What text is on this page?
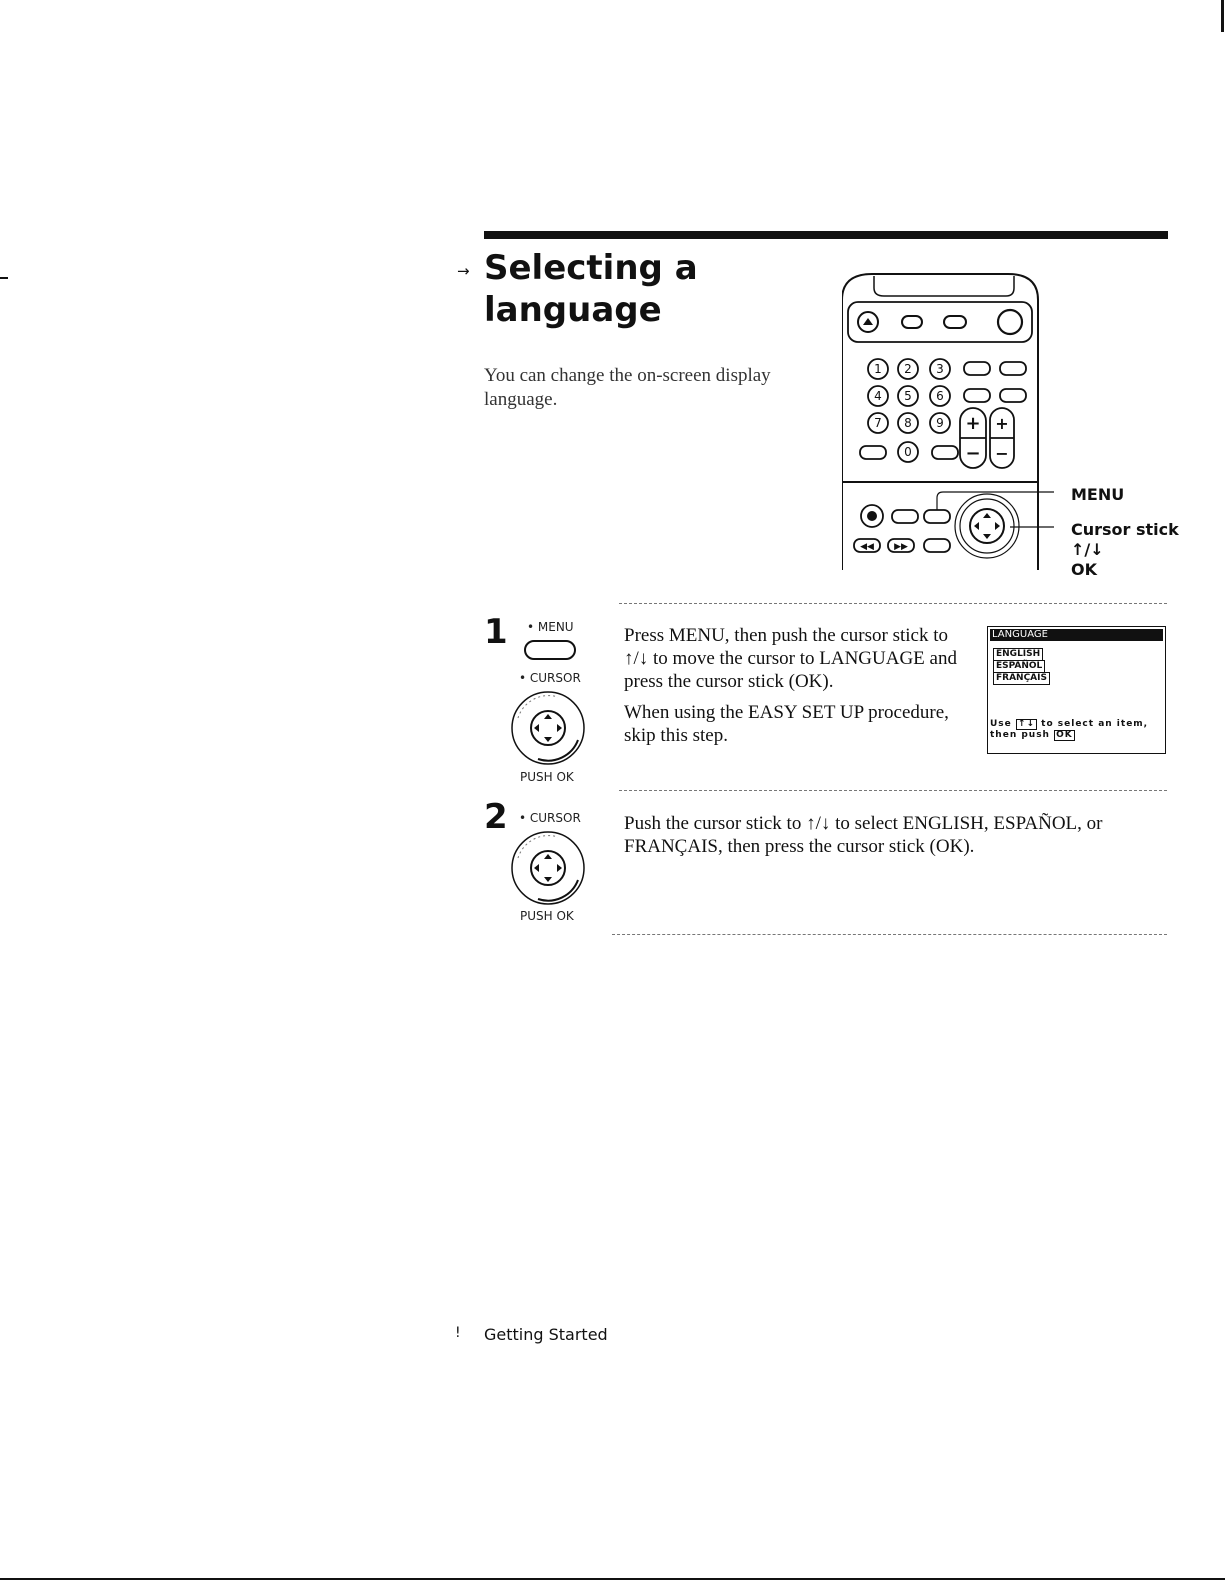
→ Selecting a
language
You can change the on-screen display language.
1 2 3
4 5 6
7 8 9
0
+
−
+
−
◀◀ ▶▶
MENU
Cursor stick
↑/↓
OK
1 • MENU
• CURSOR
PUSH OK

Press MENU, then push the cursor stick to ↑/↓ to move the cursor to LANGUAGE and press the cursor stick (OK).

When using the EASY SET UP procedure, skip this step.

LANGUAGE
ENGLISH
ESPAÑOL
FRANÇAIS
Use ↑↓ to select an item, then push OK
2 • CURSOR
PUSH OK

Push the cursor stick to ↑/↓ to select ENGLISH, ESPAÑOL, or FRANÇAIS, then press the cursor stick (OK).

! Getting Started
